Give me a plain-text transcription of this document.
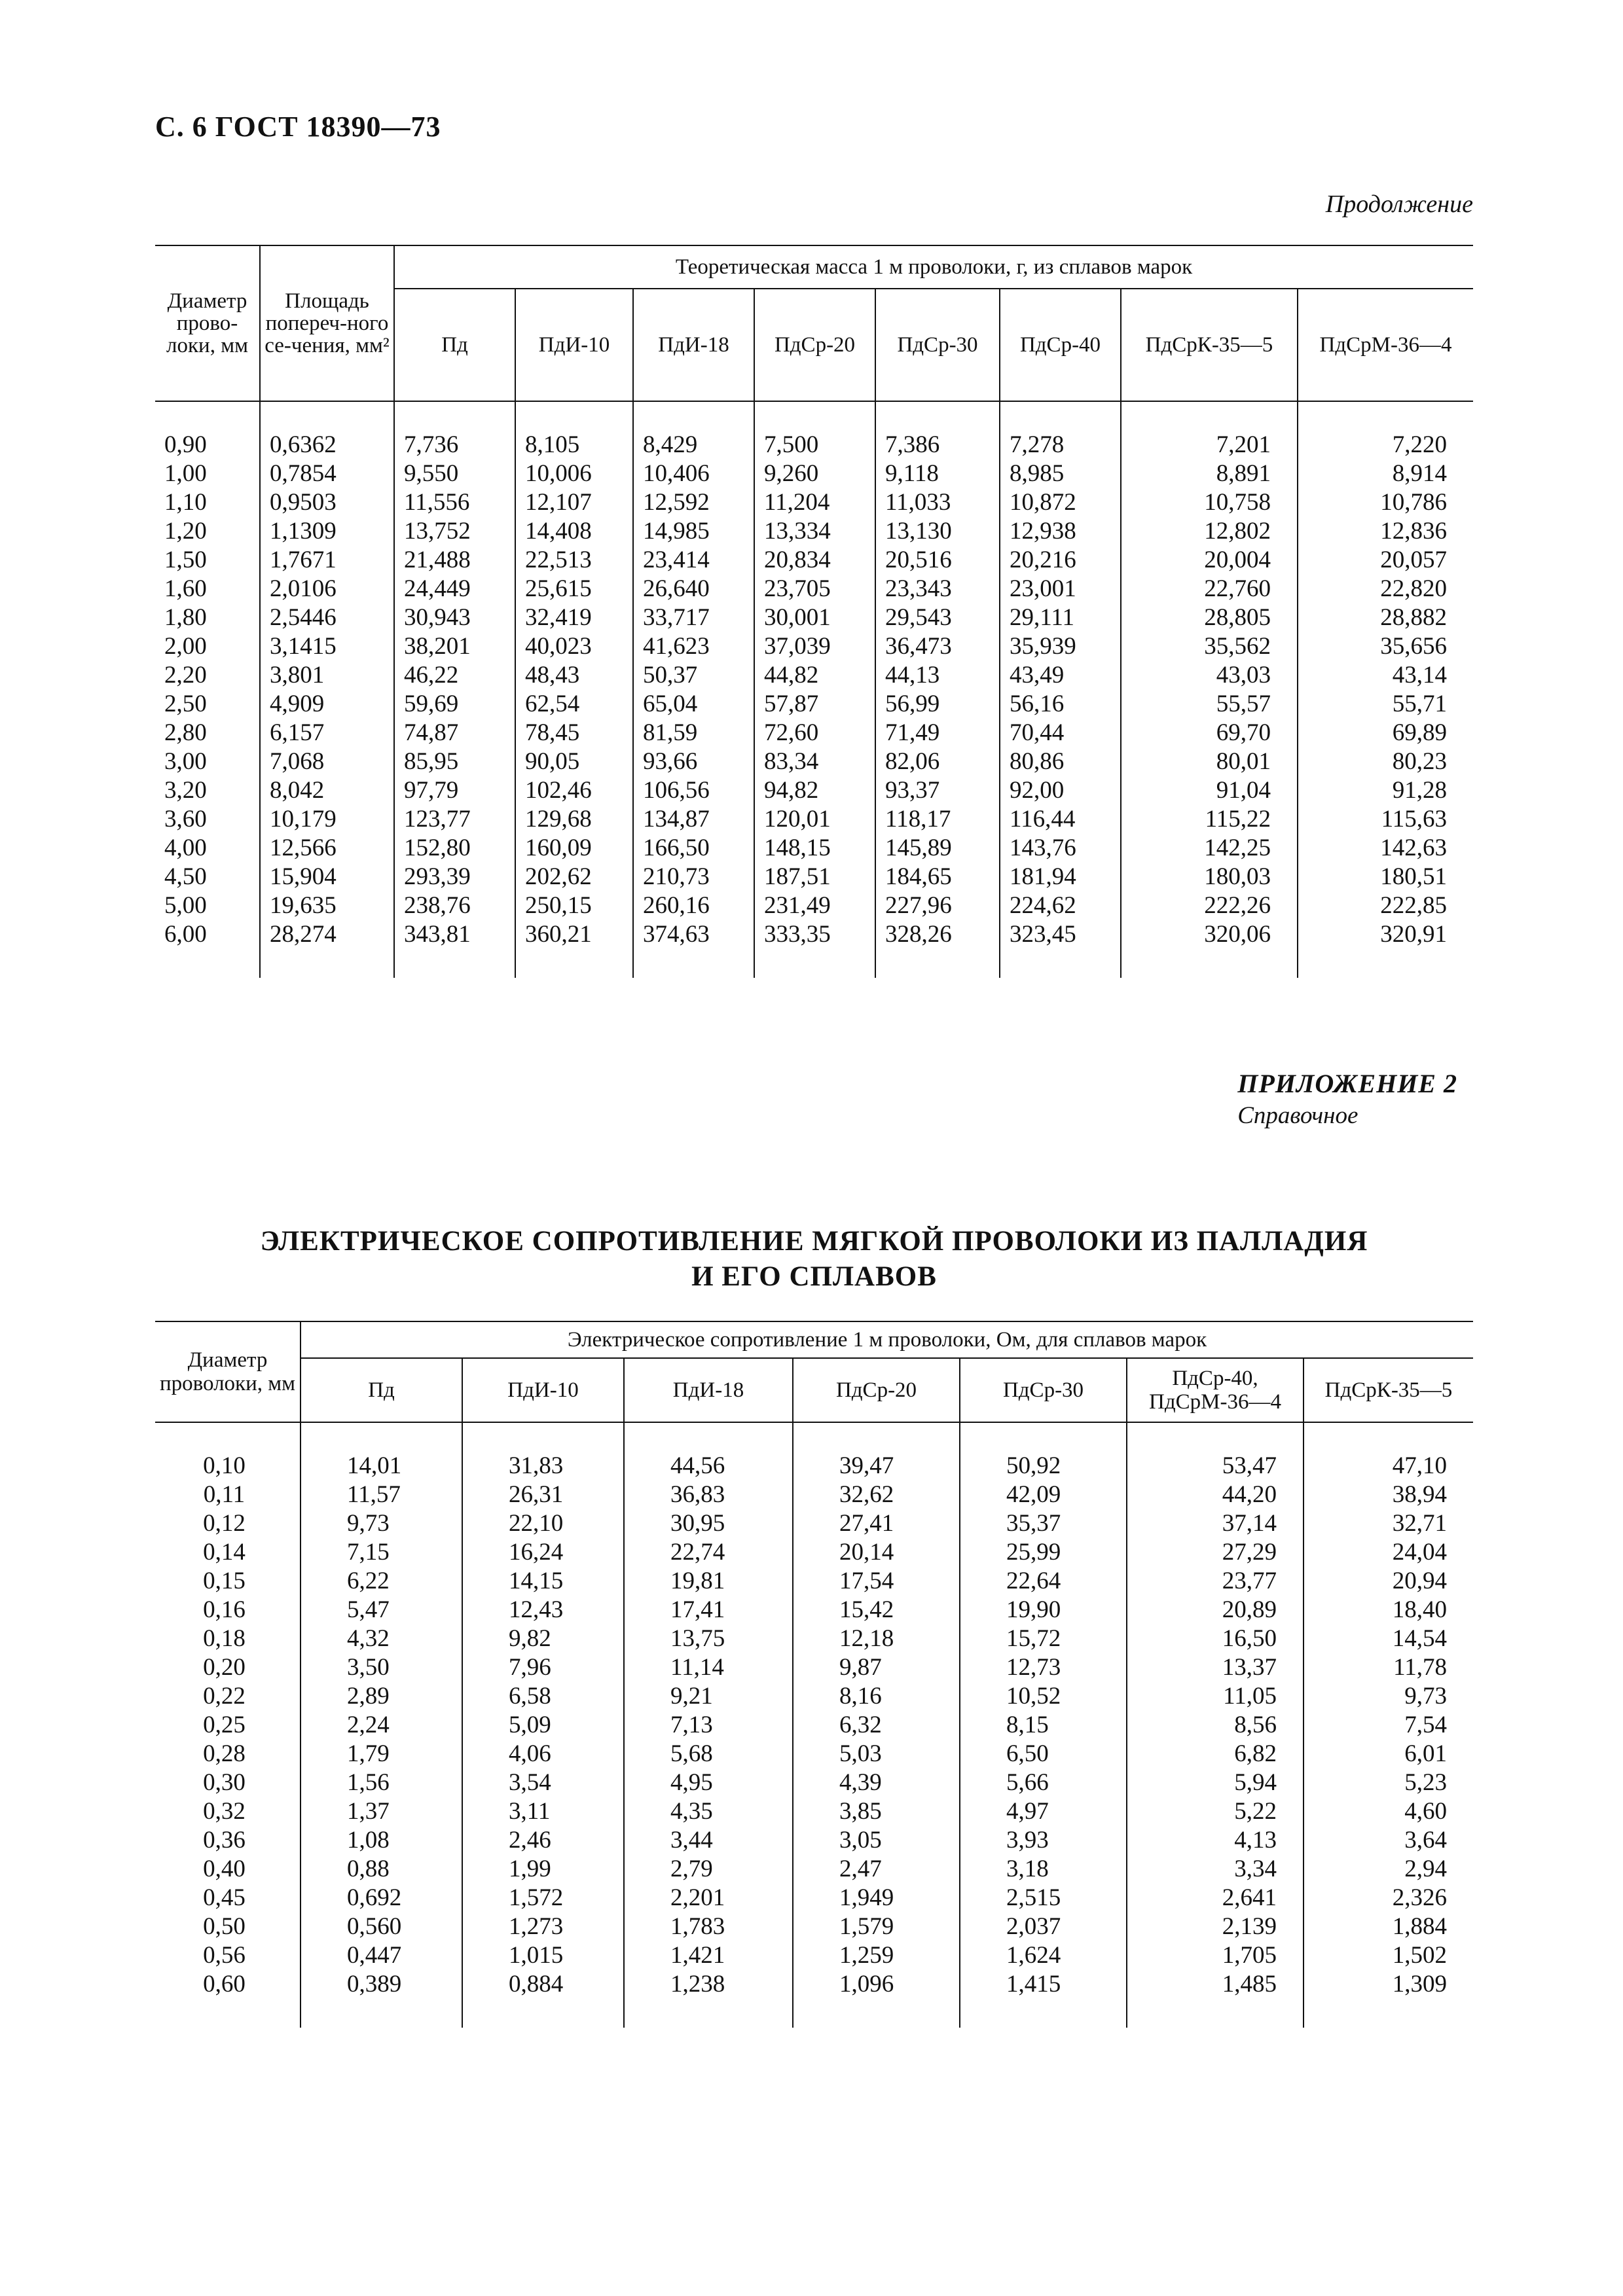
С. 6 ГОСТ 18390—73
Продолжение
Диаметр прово-локи, мм	Площадь попереч-ного се-чения, мм²	Теоретическая масса 1 м проволоки, г, из сплавов марок							
		Пд	ПдИ-10	ПдИ-18	ПдСр-20	ПдСр-30	ПдСр-40	ПдСрК-35—5	ПдСрМ-36—4

0,90	0,6362	7,736	8,105	8,429	7,500	7,386	7,278	7,201	7,220
1,00	0,7854	9,550	10,006	10,406	9,260	9,118	8,985	8,891	8,914
1,10	0,9503	11,556	12,107	12,592	11,204	11,033	10,872	10,758	10,786
1,20	1,1309	13,752	14,408	14,985	13,334	13,130	12,938	12,802	12,836
1,50	1,7671	21,488	22,513	23,414	20,834	20,516	20,216	20,004	20,057
1,60	2,0106	24,449	25,615	26,640	23,705	23,343	23,001	22,760	22,820
1,80	2,5446	30,943	32,419	33,717	30,001	29,543	29,111	28,805	28,882
2,00	3,1415	38,201	40,023	41,623	37,039	36,473	35,939	35,562	35,656
2,20	3,801	46,22	48,43	50,37	44,82	44,13	43,49	43,03	43,14
2,50	4,909	59,69	62,54	65,04	57,87	56,99	56,16	55,57	55,71
2,80	6,157	74,87	78,45	81,59	72,60	71,49	70,44	69,70	69,89
3,00	7,068	85,95	90,05	93,66	83,34	82,06	80,86	80,01	80,23
3,20	8,042	97,79	102,46	106,56	94,82	93,37	92,00	91,04	91,28
3,60	10,179	123,77	129,68	134,87	120,01	118,17	116,44	115,22	115,63
4,00	12,566	152,80	160,09	166,50	148,15	145,89	143,76	142,25	142,63
4,50	15,904	293,39	202,62	210,73	187,51	184,65	181,94	180,03	180,51
5,00	19,635	238,76	250,15	260,16	231,49	227,96	224,62	222,26	222,85
6,00	28,274	343,81	360,21	374,63	333,35	328,26	323,45	320,06	320,91

ПРИЛОЖЕНИЕ 2
Справочное
ЭЛЕКТРИЧЕСКОЕ СОПРОТИВЛЕНИЕ МЯГКОЙ ПРОВОЛОКИ ИЗ ПАЛЛАДИЯ
И ЕГО СПЛАВОВ
Диаметр проволоки, мм	Электрическое сопротивление 1 м проволоки, Ом, для сплавов марок						
	Пд	ПдИ-10	ПдИ-18	ПдСр-20	ПдСр-30	ПдСр-40, ПдСрМ-36—4	ПдСрК-35—5

0,10	14,01	31,83	44,56	39,47	50,92	53,47	47,10
0,11	11,57	26,31	36,83	32,62	42,09	44,20	38,94
0,12	9,73	22,10	30,95	27,41	35,37	37,14	32,71
0,14	7,15	16,24	22,74	20,14	25,99	27,29	24,04
0,15	6,22	14,15	19,81	17,54	22,64	23,77	20,94
0,16	5,47	12,43	17,41	15,42	19,90	20,89	18,40
0,18	4,32	9,82	13,75	12,18	15,72	16,50	14,54
0,20	3,50	7,96	11,14	9,87	12,73	13,37	11,78
0,22	2,89	6,58	9,21	8,16	10,52	11,05	9,73
0,25	2,24	5,09	7,13	6,32	8,15	8,56	7,54
0,28	1,79	4,06	5,68	5,03	6,50	6,82	6,01
0,30	1,56	3,54	4,95	4,39	5,66	5,94	5,23
0,32	1,37	3,11	4,35	3,85	4,97	5,22	4,60
0,36	1,08	2,46	3,44	3,05	3,93	4,13	3,64
0,40	0,88	1,99	2,79	2,47	3,18	3,34	2,94
0,45	0,692	1,572	2,201	1,949	2,515	2,641	2,326
0,50	0,560	1,273	1,783	1,579	2,037	2,139	1,884
0,56	0,447	1,015	1,421	1,259	1,624	1,705	1,502
0,60	0,389	0,884	1,238	1,096	1,415	1,485	1,309
